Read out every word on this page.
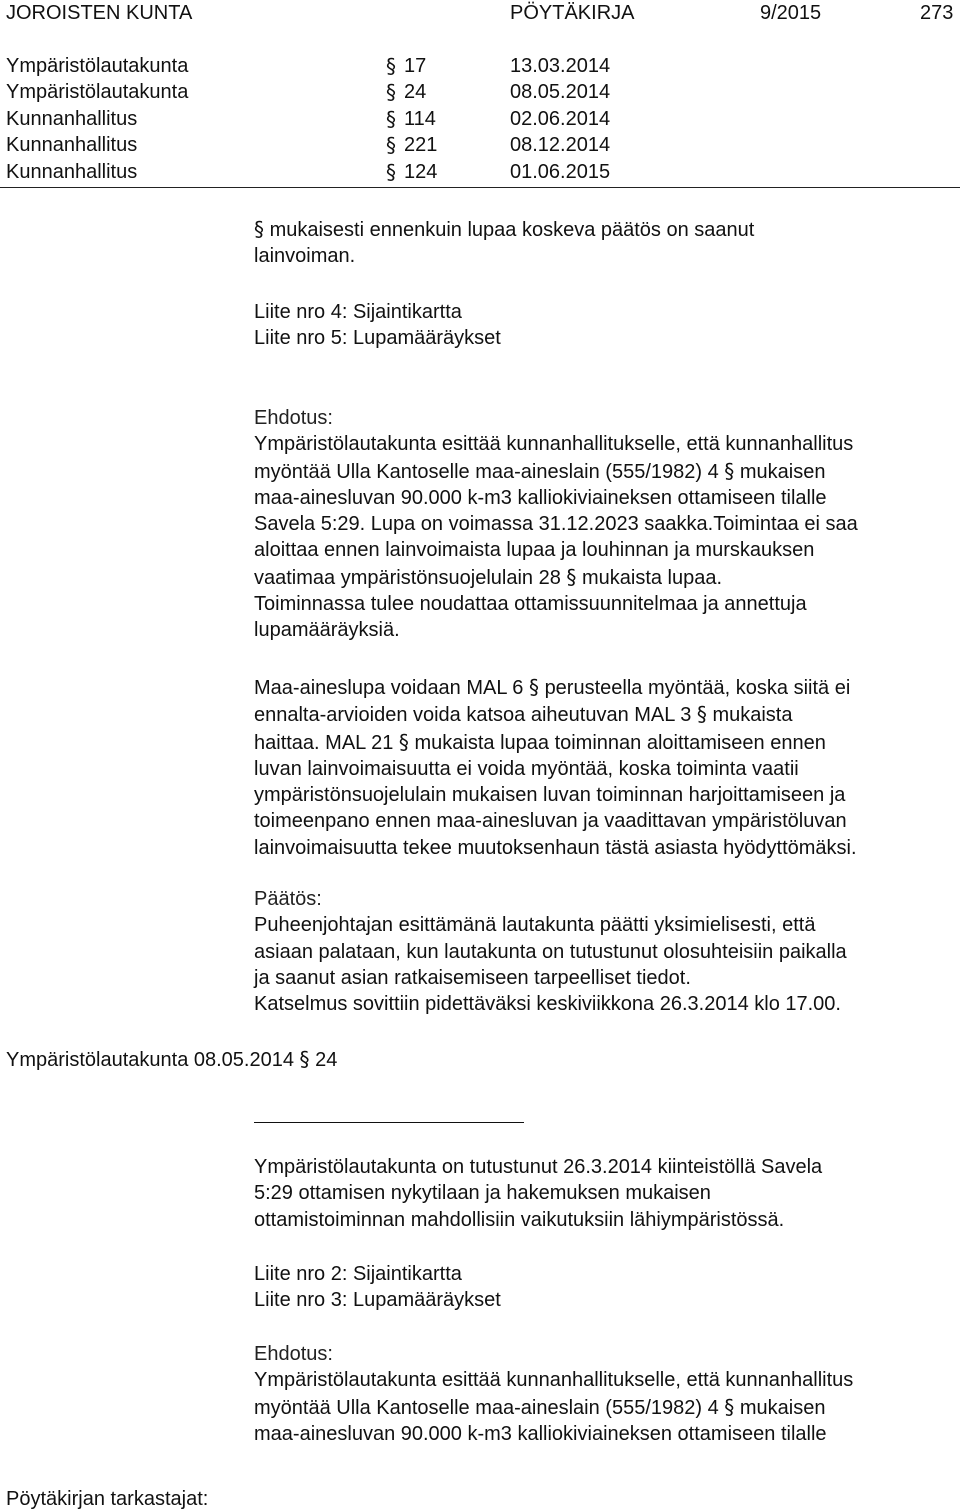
JOROISTEN KUNTA	PÖYTÄKIRJA	9/2015	273
Ympäristölautakunta	§ 17	13.03.2014
Ympäristölautakunta	§ 24	08.05.2014
Kunnanhallitus	§ 114	02.06.2014
Kunnanhallitus	§ 221	08.12.2014
Kunnanhallitus	§ 124	01.06.2015
§ mukaisesti ennenkuin lupaa koskeva päätös on saanut
lainvoiman.
Liite nro 4: Sijaintikartta
Liite nro 5: Lupamääräykset
Ehdotus:
Ympäristölautakunta esittää kunnanhallitukselle, että kunnanhallitus
myöntää Ulla Kantoselle maa-aineslain (555/1982) 4 § mukaisen
maa-ainesluvan 90.000 k-m3 kalliokiviaineksen ottamiseen tilalle
Savela 5:29. Lupa on voimassa 31.12.2023 saakka.Toimintaa ei saa
aloittaa ennen lainvoimaista lupaa ja louhinnan ja murskauksen
vaatimaa ympäristönsuojelulain 28 § mukaista lupaa.
Toiminnassa tulee noudattaa ottamissuunnitelmaa ja annettuja
lupamääräyksiä.
Maa-aineslupa voidaan MAL 6 § perusteella myöntää, koska siitä ei
ennalta-arvioiden voida katsoa aiheutuvan MAL 3 § mukaista
haittaa. MAL 21 § mukaista lupaa toiminnan aloittamiseen ennen
luvan lainvoimaisuutta ei voida myöntää, koska toiminta vaatii
ympäristönsuojelulain mukaisen luvan toiminnan harjoittamiseen ja
toimeenpano ennen maa-ainesluvan ja vaadittavan ympäristöluvan
lainvoimaisuutta tekee muutoksenhaun tästä asiasta hyödyttömäksi.
Päätös:
Puheenjohtajan esittämänä lautakunta päätti yksimielisesti, että
asiaan palataan, kun lautakunta on tutustunut olosuhteisiin paikalla
ja saanut asian ratkaisemiseen tarpeelliset tiedot.
Katselmus sovittiin pidettäväksi keskiviikkona 26.3.2014 klo 17.00.
Ympäristölautakunta 08.05.2014 § 24
Ympäristölautakunta on tutustunut 26.3.2014 kiinteistöllä Savela
5:29 ottamisen nykytilaan ja hakemuksen mukaisen
ottamistoiminnan mahdollisiin vaikutuksiin lähiympäristössä.
Liite nro 2: Sijaintikartta
Liite nro 3: Lupamääräykset
Ehdotus:
Ympäristölautakunta esittää kunnanhallitukselle, että kunnanhallitus
myöntää Ulla Kantoselle maa-aineslain (555/1982) 4 § mukaisen
maa-ainesluvan 90.000 k-m3 kalliokiviaineksen ottamiseen tilalle
Pöytäkirjan tarkastajat:
